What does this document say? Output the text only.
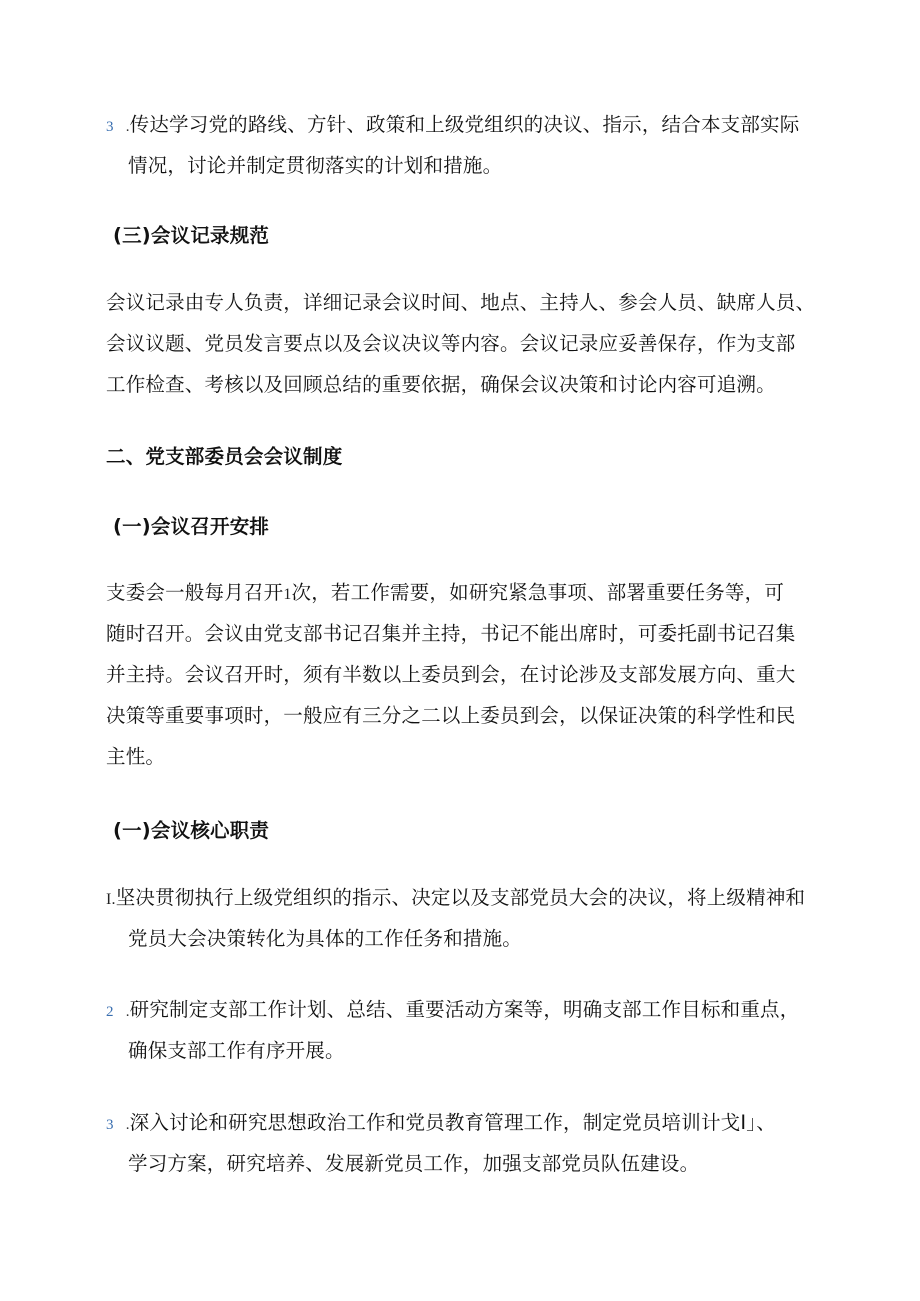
3 .传达学习党的路线、方针、政策和上级党组织的决议、指示，结合本支部实际
情况，讨论并制定贯彻落实的计划和措施。
(三)会议记录规范
会议记录由专人负责，详细记录会议时间、地点、主持人、参会人员、缺席人员、
会议议题、党员发言要点以及会议决议等内容。会议记录应妥善保存，作为支部
工作检查、考核以及回顾总结的重要依据，确保会议决策和讨论内容可追溯。
二、党支部委员会会议制度
(一)会议召开安排
支委会一般每月召开1次，若工作需要，如研究紧急事项、部署重要任务等，可
随时召开。会议由党支部书记召集并主持，书记不能出席时，可委托副书记召集
并主持。会议召开时，须有半数以上委员到会，在讨论涉及支部发展方向、重大
决策等重要事项时，一般应有三分之二以上委员到会，以保证决策的科学性和民
主性。
(一)会议核心职责
I.坚决贯彻执行上级党组织的指示、决定以及支部党员大会的决议，将上级精神和
党员大会决策转化为具体的工作任务和措施。
2 .研究制定支部工作计划、总结、重要活动方案等，明确支部工作目标和重点，
确保支部工作有序开展。
3 .深入讨论和研究思想政治工作和党员教育管理工作，制定党员培训计戈I」、
学习方案，研究培养、发展新党员工作，加强支部党员队伍建设。
